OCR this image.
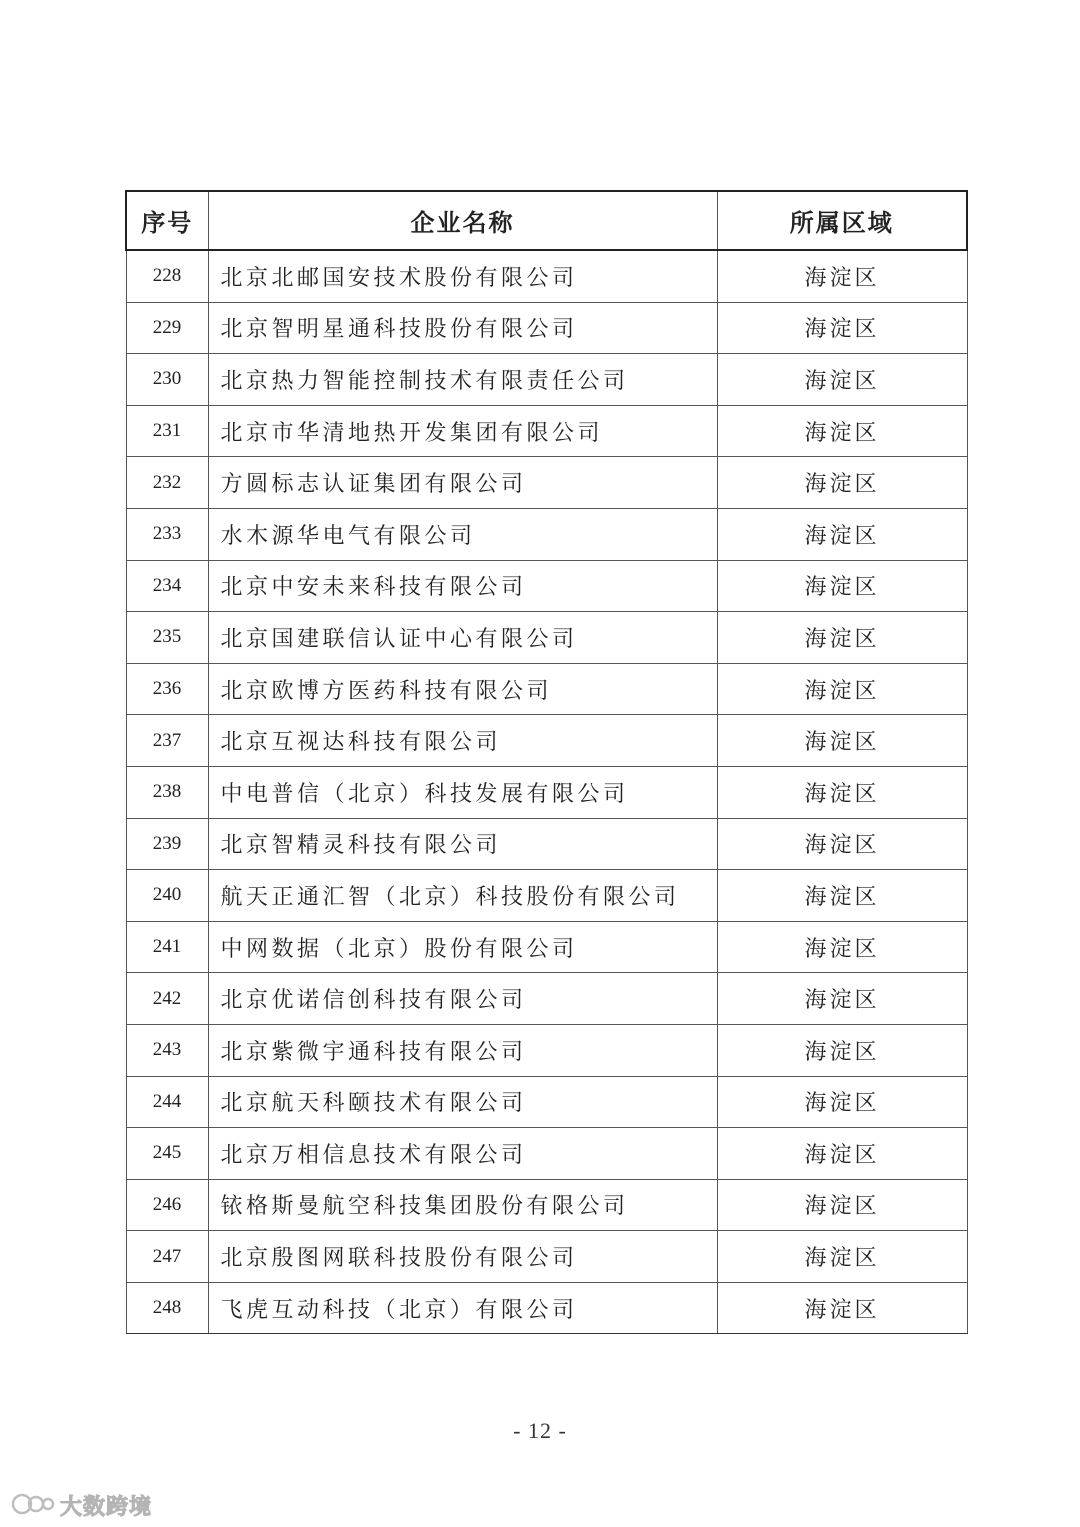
序号	企业名称	所属区域
228	北京北邮国安技术股份有限公司	海淀区
229	北京智明星通科技股份有限公司	海淀区
230	北京热力智能控制技术有限责任公司	海淀区
231	北京市华清地热开发集团有限公司	海淀区
232	方圆标志认证集团有限公司	海淀区
233	水木源华电气有限公司	海淀区
234	北京中安未来科技有限公司	海淀区
235	北京国建联信认证中心有限公司	海淀区
236	北京欧博方医药科技有限公司	海淀区
237	北京互视达科技有限公司	海淀区
238	中电普信（北京）科技发展有限公司	海淀区
239	北京智精灵科技有限公司	海淀区
240	航天正通汇智（北京）科技股份有限公司	海淀区
241	中网数据（北京）股份有限公司	海淀区
242	北京优诺信创科技有限公司	海淀区
243	北京紫微宇通科技有限公司	海淀区
244	北京航天科颐技术有限公司	海淀区
245	北京万相信息技术有限公司	海淀区
246	铱格斯曼航空科技集团股份有限公司	海淀区
247	北京殷图网联科技股份有限公司	海淀区
248	飞虎互动科技（北京）有限公司	海淀区
- 12 -
大数跨境
